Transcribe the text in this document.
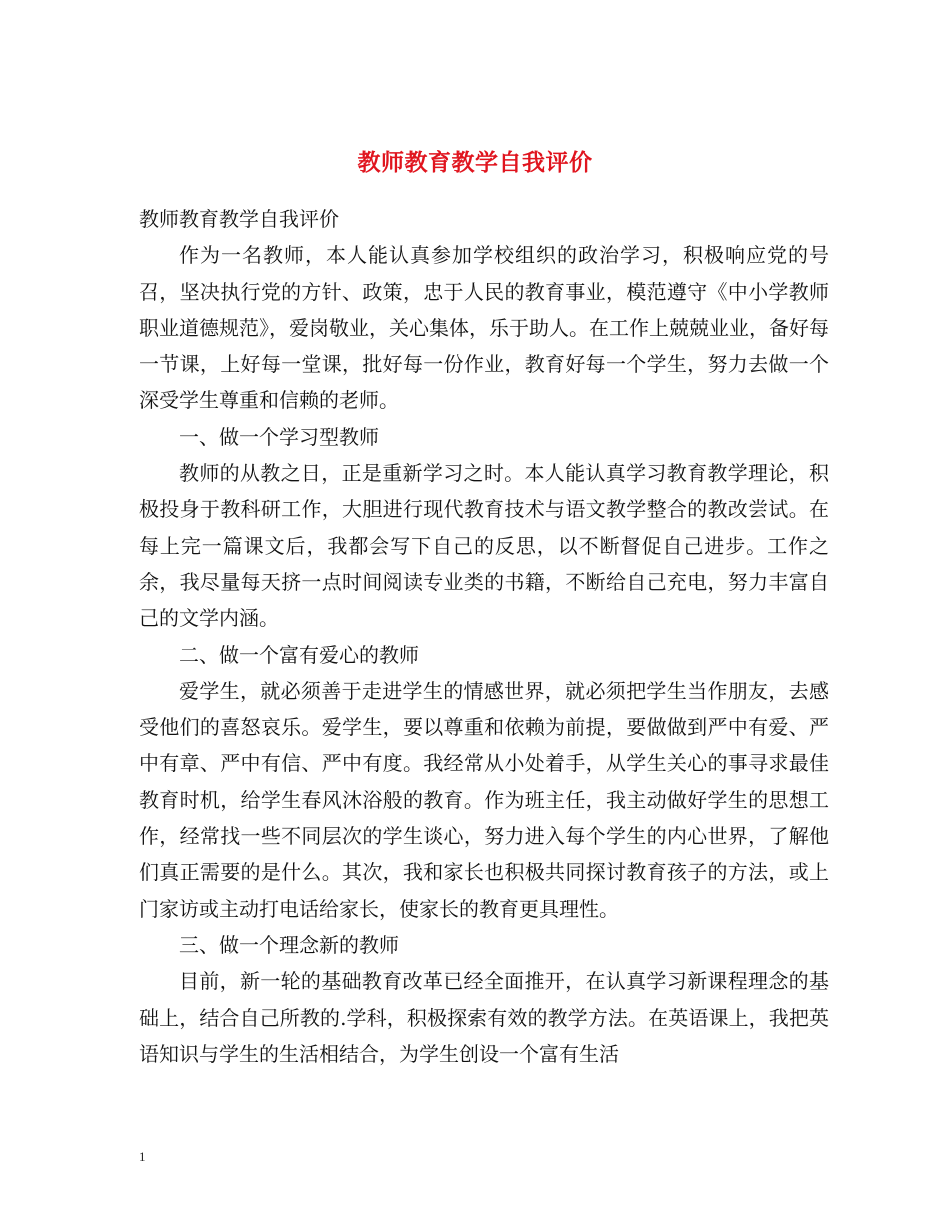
教师教育教学自我评价

教师教育教学自我评价

作为一名教师，本人能认真参加学校组织的政治学习，积极响应党的号召，坚决执行党的方针、政策，忠于人民的教育事业，模范遵守《中小学教师职业道德规范》，爱岗敬业，关心集体，乐于助人。在工作上兢兢业业，备好每一节课，上好每一堂课，批好每一份作业，教育好每一个学生，努力去做一个深受学生尊重和信赖的老师。

一、做一个学习型教师

教师的从教之日，正是重新学习之时。本人能认真学习教育教学理论，积极投身于教科研工作，大胆进行现代教育技术与语文教学整合的教改尝试。在每上完一篇课文后，我都会写下自己的反思，以不断督促自己进步。工作之余，我尽量每天挤一点时间阅读专业类的书籍，不断给自己充电，努力丰富自己的文学内涵。

二、做一个富有爱心的教师

爱学生，就必须善于走进学生的情感世界，就必须把学生当作朋友，去感受他们的喜怒哀乐。爱学生，要以尊重和依赖为前提，要做做到严中有爱、严中有章、严中有信、严中有度。我经常从小处着手，从学生关心的事寻求最佳教育时机，给学生春风沐浴般的教育。作为班主任，我主动做好学生的思想工作，经常找一些不同层次的学生谈心，努力进入每个学生的内心世界，了解他们真正需要的是什么。其次，我和家长也积极共同探讨教育孩子的方法，或上门家访或主动打电话给家长，使家长的教育更具理性。

三、做一个理念新的教师

目前，新一轮的基础教育改革已经全面推开，在认真学习新课程理念的基础上，结合自己所教的.学科，积极探索有效的教学方法。在英语课上，我把英语知识与学生的生活相结合，为学生创设一个富有生活

1
